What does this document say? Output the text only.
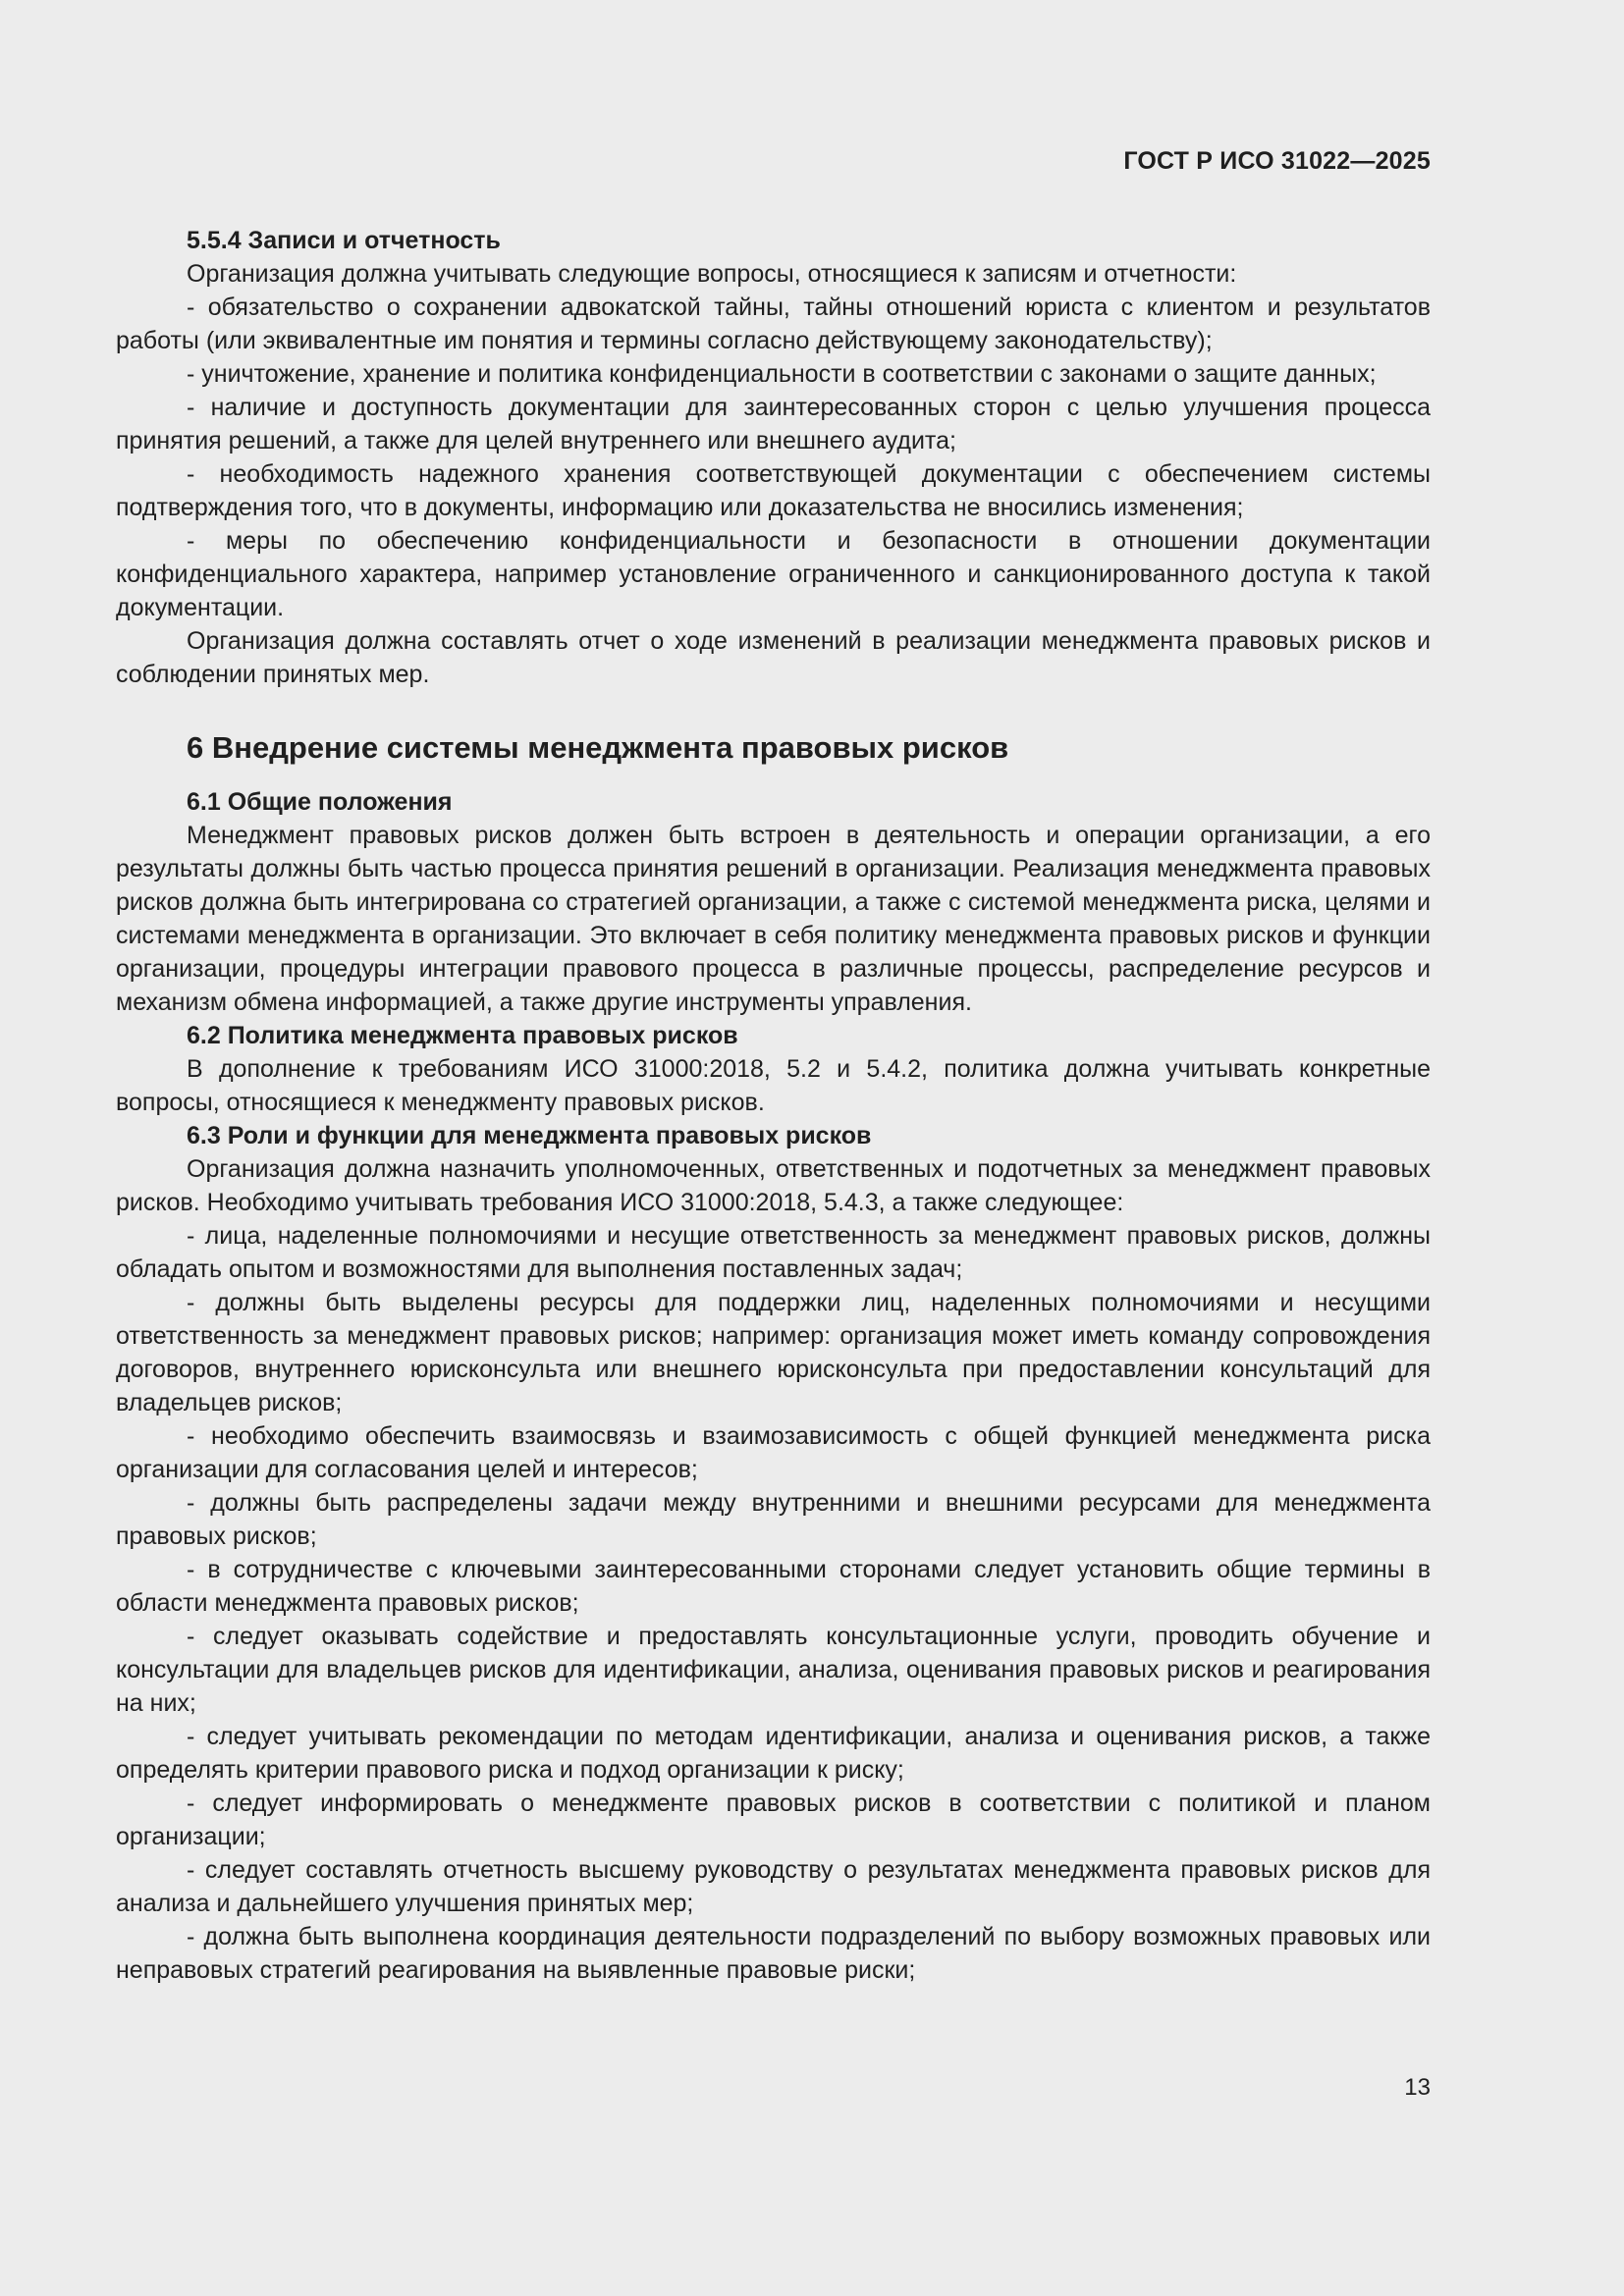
ГОСТ Р ИСО 31022—2025
5.5.4 Записи и отчетность

Организация должна учитывать следующие вопросы, относящиеся к записям и отчетности:

- обязательство о сохранении адвокатской тайны, тайны отношений юриста с клиентом и результатов работы (или эквивалентные им понятия и термины согласно действующему законодательству);

- уничтожение, хранение и политика конфиденциальности в соответствии с законами о защите данных;

- наличие и доступность документации для заинтересованных сторон с целью улучшения процесса принятия решений, а также для целей внутреннего или внешнего аудита;

- необходимость надежного хранения соответствующей документации с обеспечением системы подтверждения того, что в документы, информацию или доказательства не вносились изменения;

- меры по обеспечению конфиденциальности и безопасности в отношении документации конфиденциального характера, например установление ограниченного и санкционированного доступа к такой документации.

Организация должна составлять отчет о ходе изменений в реализации менеджмента правовых рисков и соблюдении принятых мер.

6 Внедрение системы менеджмента правовых рисков
6.1 Общие положения

Менеджмент правовых рисков должен быть встроен в деятельность и операции организации, а его результаты должны быть частью процесса принятия решений в организации. Реализация менеджмента правовых рисков должна быть интегрирована со стратегией организации, а также с системой менеджмента риска, целями и системами менеджмента в организации. Это включает в себя политику менеджмента правовых рисков и функции организации, процедуры интеграции правового процесса в различные процессы, распределение ресурсов и механизм обмена информацией, а также другие инструменты управления.

6.2 Политика менеджмента правовых рисков

В дополнение к требованиям ИСО 31000:2018, 5.2 и 5.4.2, политика должна учитывать конкретные вопросы, относящиеся к менеджменту правовых рисков.

6.3 Роли и функции для менеджмента правовых рисков

Организация должна назначить уполномоченных, ответственных и подотчетных за менеджмент правовых рисков. Необходимо учитывать требования ИСО 31000:2018, 5.4.3, а также следующее:

- лица, наделенные полномочиями и несущие ответственность за менеджмент правовых рисков, должны обладать опытом и возможностями для выполнения поставленных задач;

- должны быть выделены ресурсы для поддержки лиц, наделенных полномочиями и несущими ответственность за менеджмент правовых рисков; например: организация может иметь команду сопровождения договоров, внутреннего юрисконсульта или внешнего юрисконсульта при предоставлении консультаций для владельцев рисков;

- необходимо обеспечить взаимосвязь и взаимозависимость с общей функцией менеджмента риска организации для согласования целей и интересов;

- должны быть распределены задачи между внутренними и внешними ресурсами для менеджмента правовых рисков;

- в сотрудничестве с ключевыми заинтересованными сторонами следует установить общие термины в области менеджмента правовых рисков;

- следует оказывать содействие и предоставлять консультационные услуги, проводить обучение и консультации для владельцев рисков для идентификации, анализа, оценивания правовых рисков и реагирования на них;

- следует учитывать рекомендации по методам идентификации, анализа и оценивания рисков, а также определять критерии правового риска и подход организации к риску;

- следует информировать о менеджменте правовых рисков в соответствии с политикой и планом организации;

- следует составлять отчетность высшему руководству о результатах менеджмента правовых рисков для анализа и дальнейшего улучшения принятых мер;

- должна быть выполнена координация деятельности подразделений по выбору возможных правовых или неправовых стратегий реагирования на выявленные правовые риски;

13
